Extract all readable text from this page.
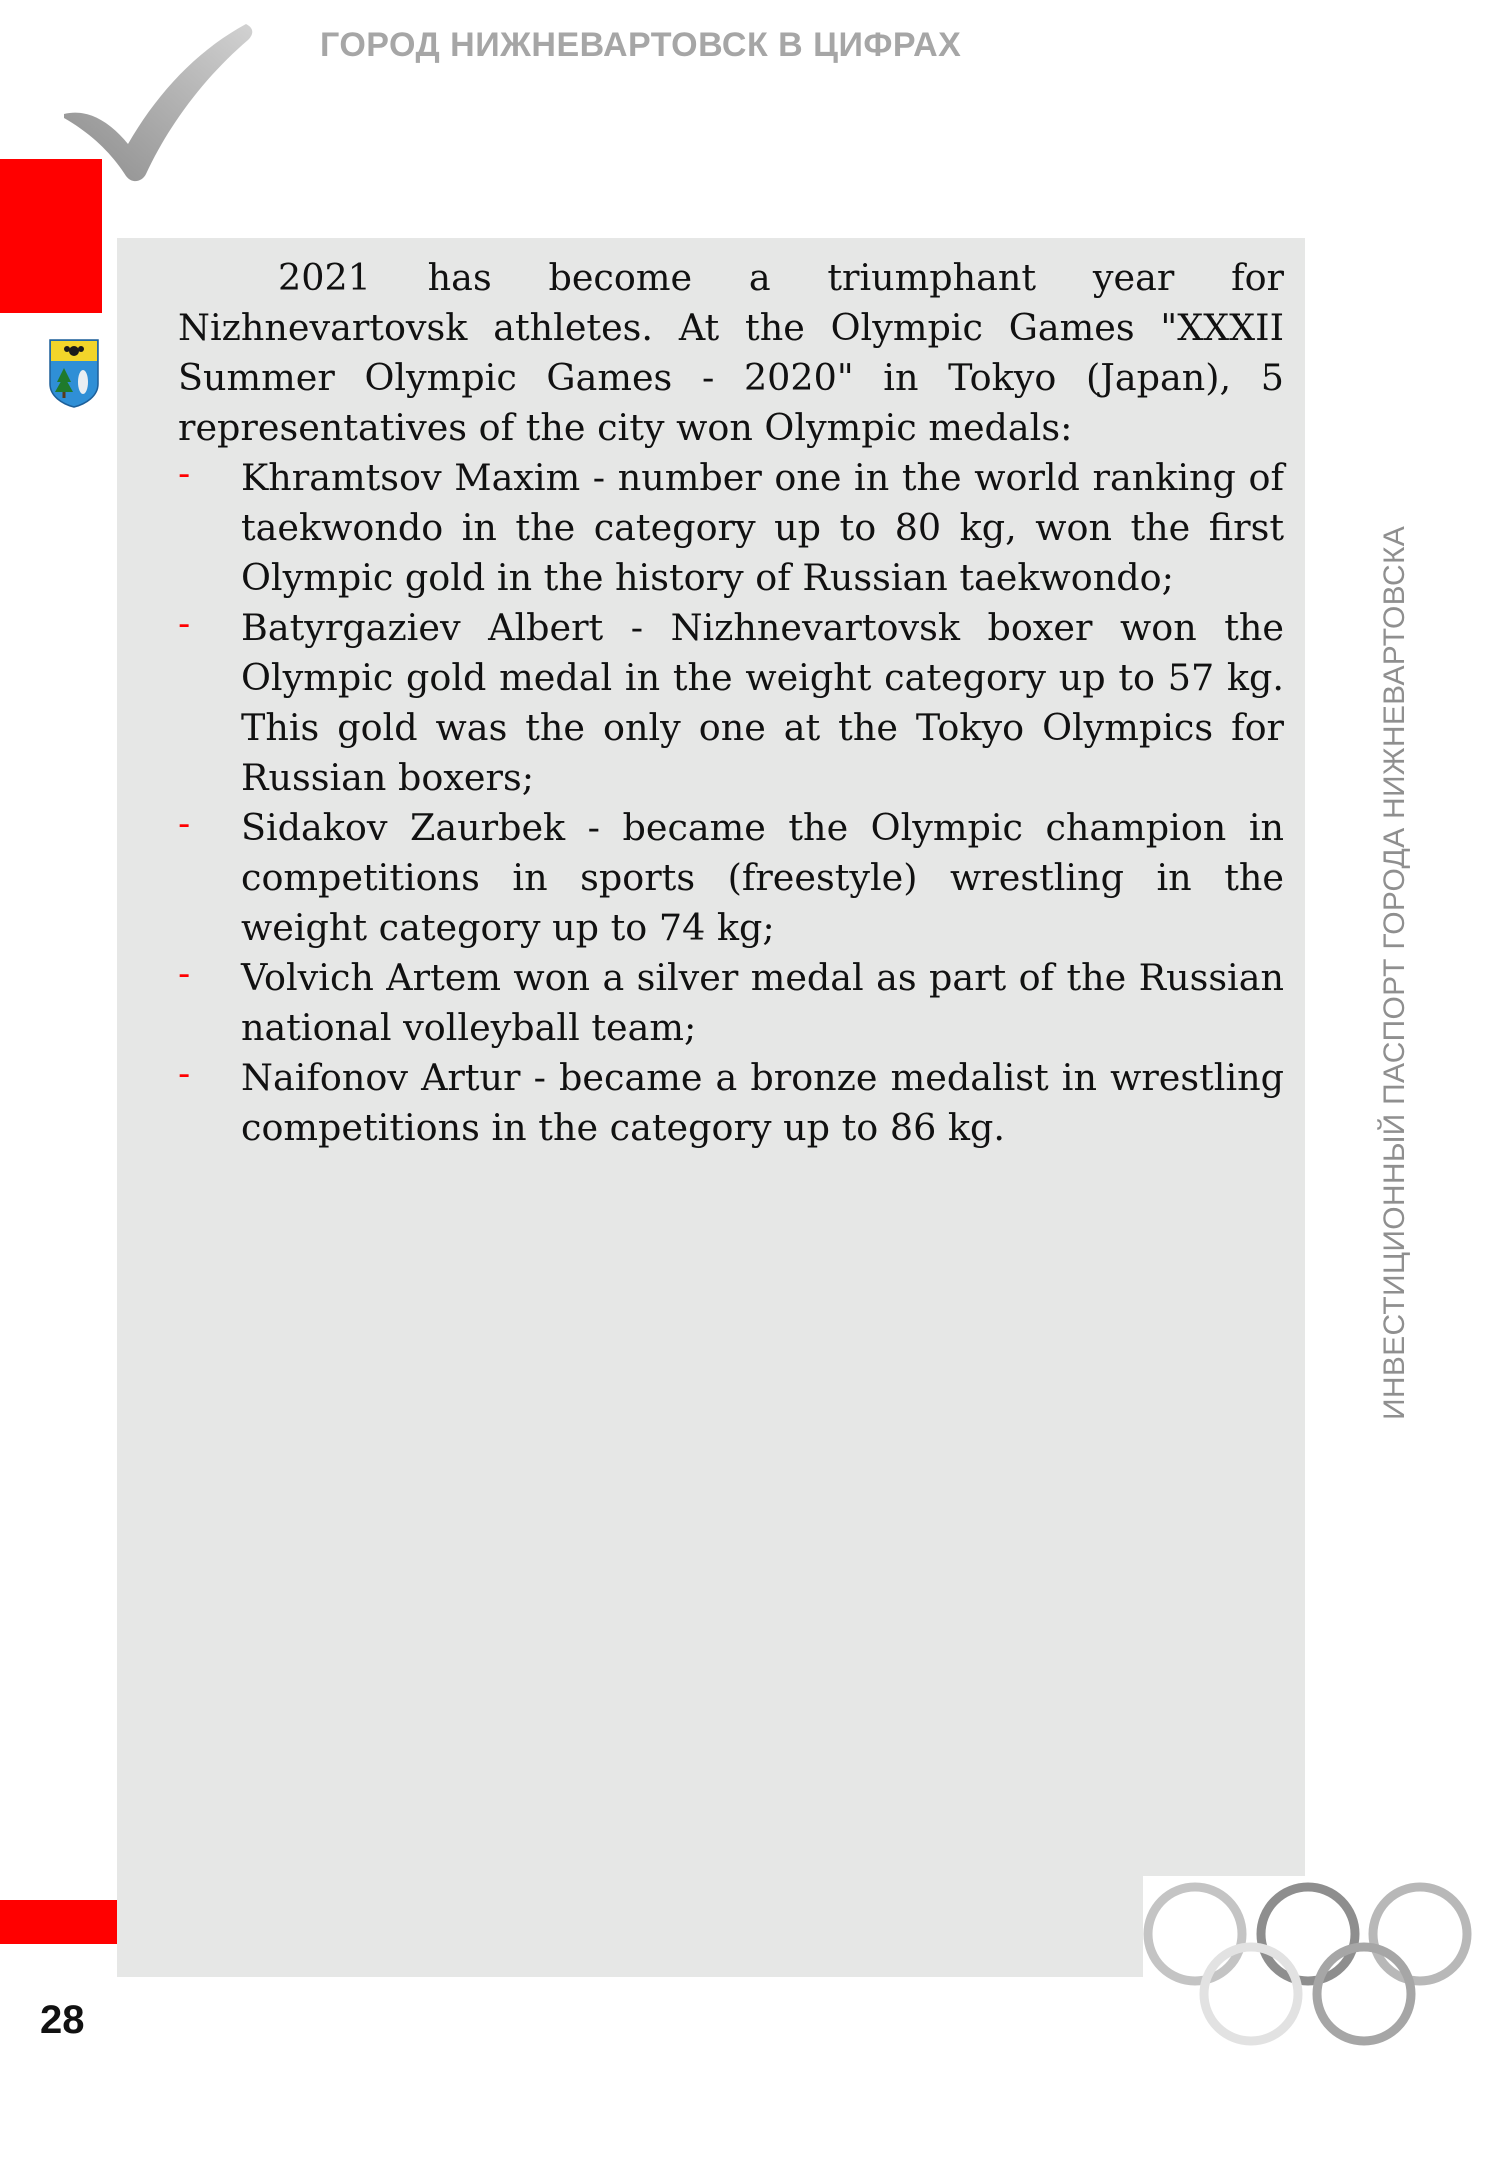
ГОРОД НИЖНЕВАРТОВСК В ЦИФРАХ

2021 has become a triumphant year for Nizhnevartovsk athletes. At the Olympic Games "XXXII Summer Olympic Games - 2020" in Tokyo (Japan), 5 representatives of the city won Olympic medals:

- Khramtsov Maxim - number one in the world ranking of taekwondo in the category up to 80 kg, won the first Olympic gold in the history of Russian taekwondo;
- Batyrgaziev Albert - Nizhnevartovsk boxer won the Olympic gold medal in the weight category up to 57 kg. This gold was the only one at the Tokyo Olympics for Russian boxers;
- Sidakov Zaurbek - became the Olympic champion in competitions in sports (freestyle) wrestling in the weight category up to 74 kg;
- Volvich Artem won a silver medal as part of the Russian national volleyball team;
- Naifonov Artur - became a bronze medalist in wrestling competitions in the category up to 86 kg.	ИНВЕСТИЦИОННЫЙ ПАСПОРТ ГОРОДА НИЖНЕВАРТОВСКА
28
